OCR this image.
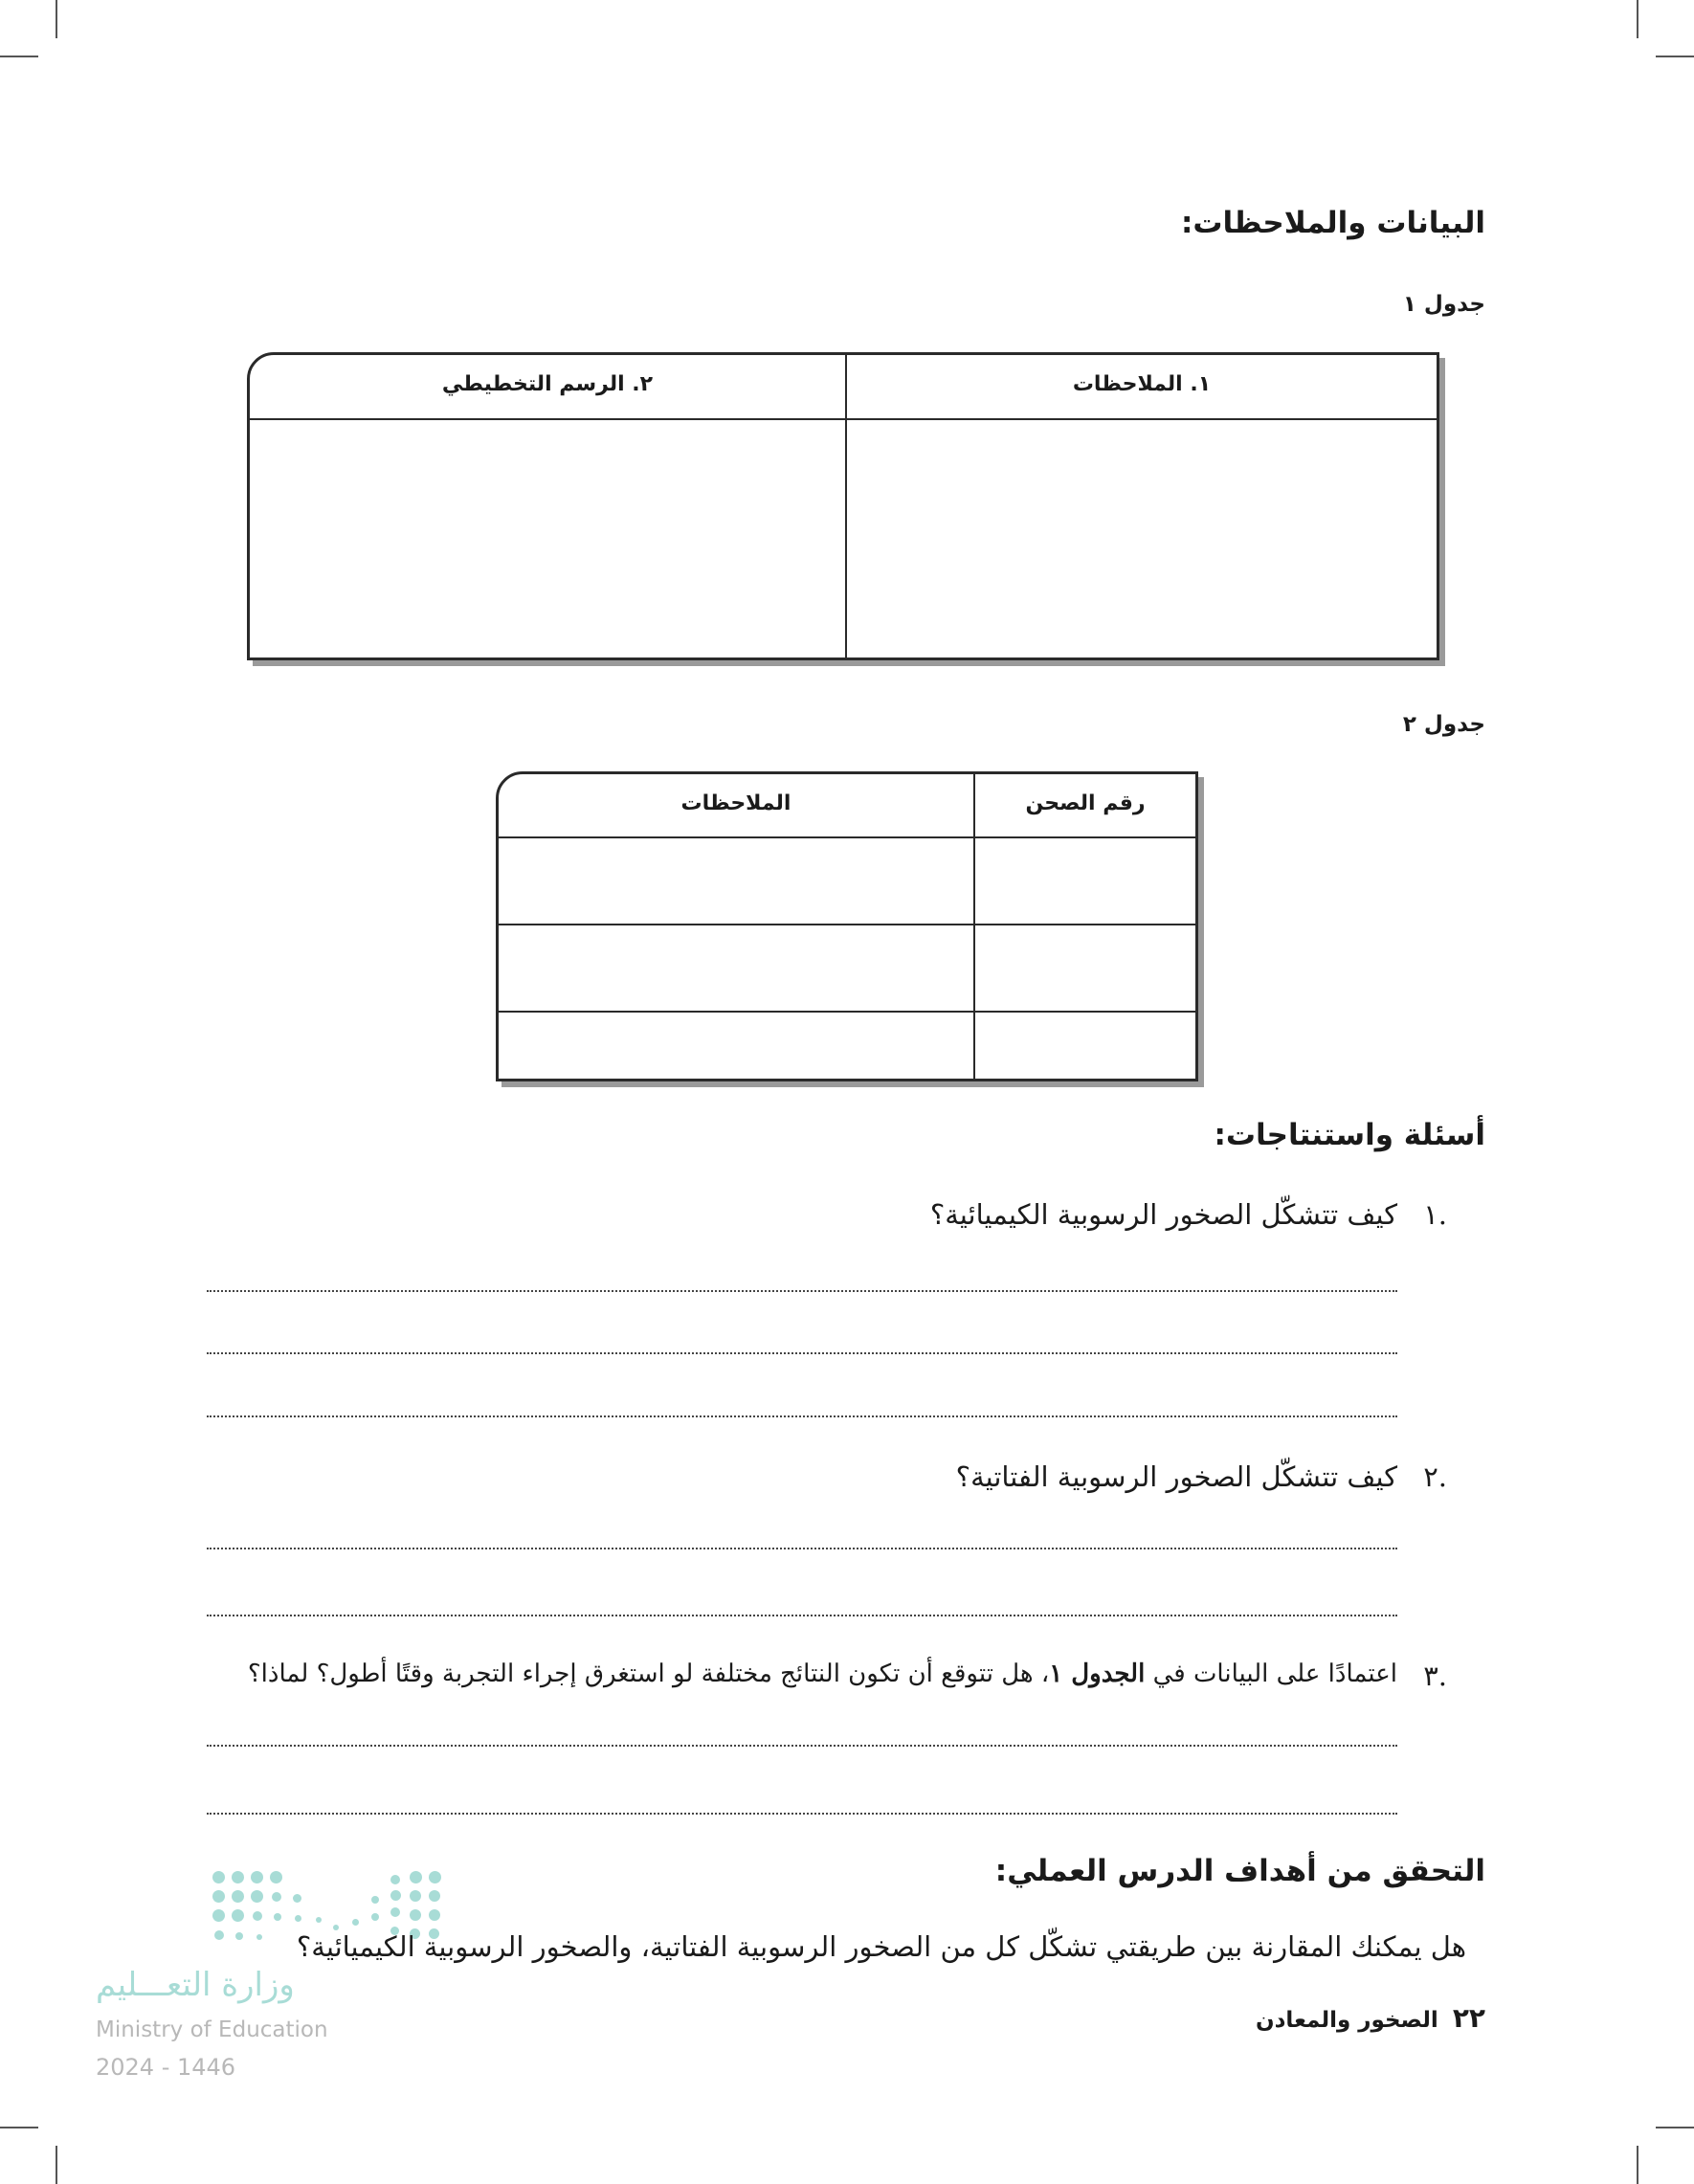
البيانات والملاحظات:
جدول ١
١. الملاحظات
٢. الرسم التخطيطي
جدول ٢
رقم الصحن
الملاحظات
أسئلة واستنتاجات:
١.
كيف تتشكّل الصخور الرسوبية الكيميائية؟
٢.
كيف تتشكّل الصخور الرسوبية الفتاتية؟
٣.
اعتمادًا على البيانات في الجدول ١، هل تتوقع أن تكون النتائج مختلفة لو استغرق إجراء التجربة وقتًا أطول؟ لماذا؟
التحقق من أهداف الدرس العملي:
هل يمكنك المقارنة بين طريقتي تشكّل كل من الصخور الرسوبية الفتاتية، والصخور الرسوبية الكيميائية؟
وزارة التعـــليم
Ministry of Education
2024 - 1446
٢٢ الصخور والمعادن
